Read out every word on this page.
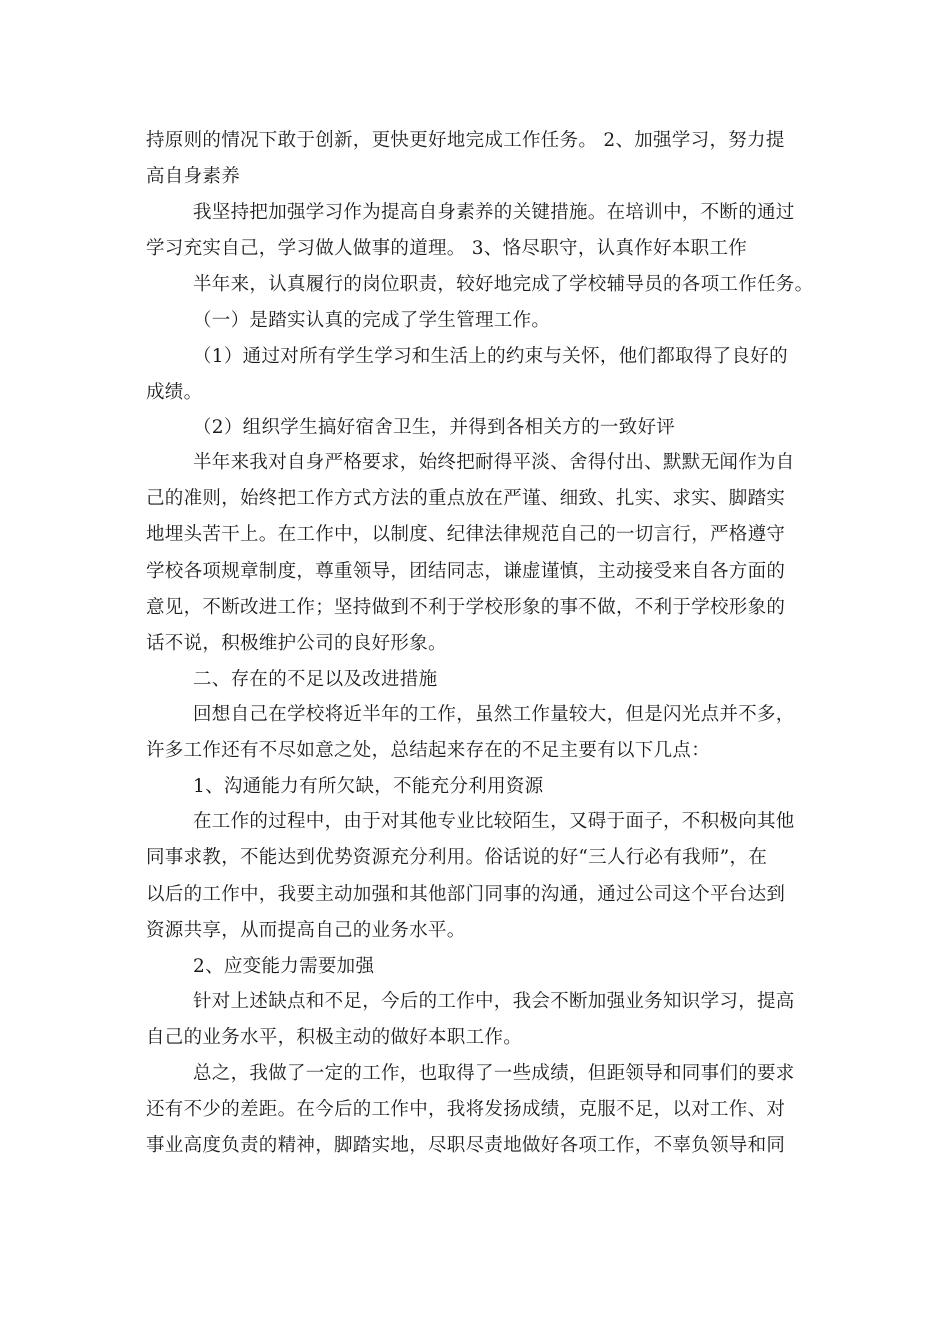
持原则的情况下敢于创新，更快更好地完成工作任务。 2、加强学习，努力提
高自身素养
我坚持把加强学习作为提高自身素养的关键措施。在培训中，不断的通过
学习充实自己，学习做人做事的道理。 3、恪尽职守，认真作好本职工作
半年来，认真履行的岗位职责，较好地完成了学校辅导员的各项工作任务。
（一）是踏实认真的完成了学生管理工作。
（1）通过对所有学生学习和生活上的约束与关怀，他们都取得了良好的
成绩。
（2）组织学生搞好宿舍卫生，并得到各相关方的一致好评
半年来我对自身严格要求，始终把耐得平淡、舍得付出、默默无闻作为自
己的准则，始终把工作方式方法的重点放在严谨、细致、扎实、求实、脚踏实
地埋头苦干上。在工作中，以制度、纪律法律规范自己的一切言行，严格遵守
学校各项规章制度，尊重领导，团结同志，谦虚谨慎，主动接受来自各方面的
意见，不断改进工作；坚持做到不利于学校形象的事不做，不利于学校形象的
话不说，积极维护公司的良好形象。
二、存在的不足以及改进措施
回想自己在学校将近半年的工作，虽然工作量较大，但是闪光点并不多，
许多工作还有不尽如意之处，总结起来存在的不足主要有以下几点：
1、沟通能力有所欠缺，不能充分利用资源
在工作的过程中，由于对其他专业比较陌生，又碍于面子，不积极向其他
同事求教，不能达到优势资源充分利用。俗话说的好“三人行必有我师”，在
以后的工作中，我要主动加强和其他部门同事的沟通，通过公司这个平台达到
资源共享，从而提高自己的业务水平。
2、应变能力需要加强
针对上述缺点和不足，今后的工作中，我会不断加强业务知识学习，提高
自己的业务水平，积极主动的做好本职工作。
总之，我做了一定的工作，也取得了一些成绩，但距领导和同事们的要求
还有不少的差距。在今后的工作中，我将发扬成绩，克服不足，以对工作、对
事业高度负责的精神，脚踏实地，尽职尽责地做好各项工作，不辜负领导和同
